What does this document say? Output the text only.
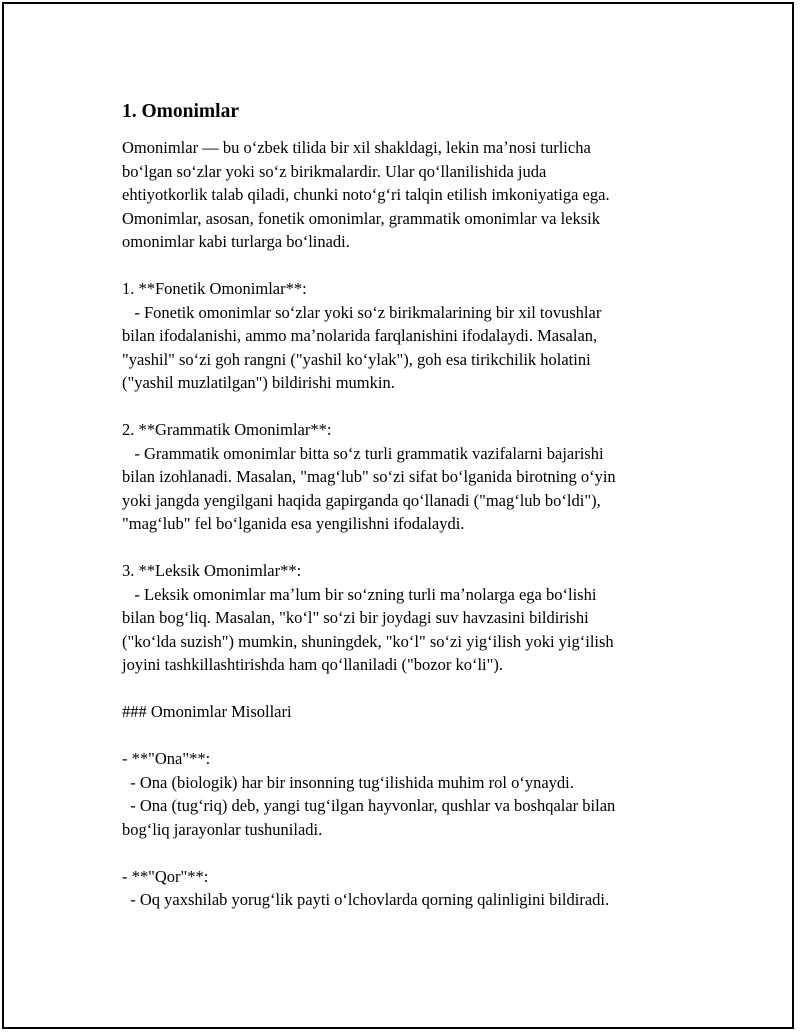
1. Omonimlar
Omonimlar — bu oʻzbek tilida bir xil shakldagi, lekin maʼnosi turlicha
boʻlgan soʻzlar yoki soʻz birikmalardir. Ular qoʻllanilishida juda
ehtiyotkorlik talab qiladi, chunki notoʻgʻri talqin etilish imkoniyatiga ega.
Omonimlar, asosan, fonetik omonimlar, grammatik omonimlar va leksik
omonimlar kabi turlarga boʻlinadi.
1. **Fonetik Omonimlar**:
- Fonetik omonimlar soʻzlar yoki soʻz birikmalarining bir xil tovushlar
bilan ifodalanishi, ammo maʼnolarida farqlanishini ifodalaydi. Masalan,
"yashil" soʻzi goh rangni ("yashil koʻylak"), goh esa tirikchilik holatini
("yashil muzlatilgan") bildirishi mumkin.
2. **Grammatik Omonimlar**:
- Grammatik omonimlar bitta soʻz turli grammatik vazifalarni bajarishi
bilan izohlanadi. Masalan, "magʻlub" soʻzi sifat boʻlganida birotning oʻyin
yoki jangda yengilgani haqida gapirganda qoʻllanadi ("magʻlub boʻldi"),
"magʻlub" fel boʻlganida esa yengilishni ifodalaydi.
3. **Leksik Omonimlar**:
- Leksik omonimlar maʼlum bir soʻzning turli maʼnolarga ega boʻlishi
bilan bogʻliq. Masalan, "koʻl" soʻzi bir joydagi suv havzasini bildirishi
("koʻlda suzish") mumkin, shuningdek, "koʻl" soʻzi yigʻilish yoki yigʻilish
joyini tashkillashtirishda ham qoʻllaniladi ("bozor koʻli").
### Omonimlar Misollari
- **"Ona"**:
- Ona (biologik) har bir insonning tugʻilishida muhim rol oʻynaydi.
- Ona (tugʻriq) deb, yangi tugʻilgan hayvonlar, qushlar va boshqalar bilan
bogʻliq jarayonlar tushuniladi.
- **"Qor"**:
- Oq yaxshilab yorugʻlik payti oʻlchovlarda qorning qalinligini bildiradi.
